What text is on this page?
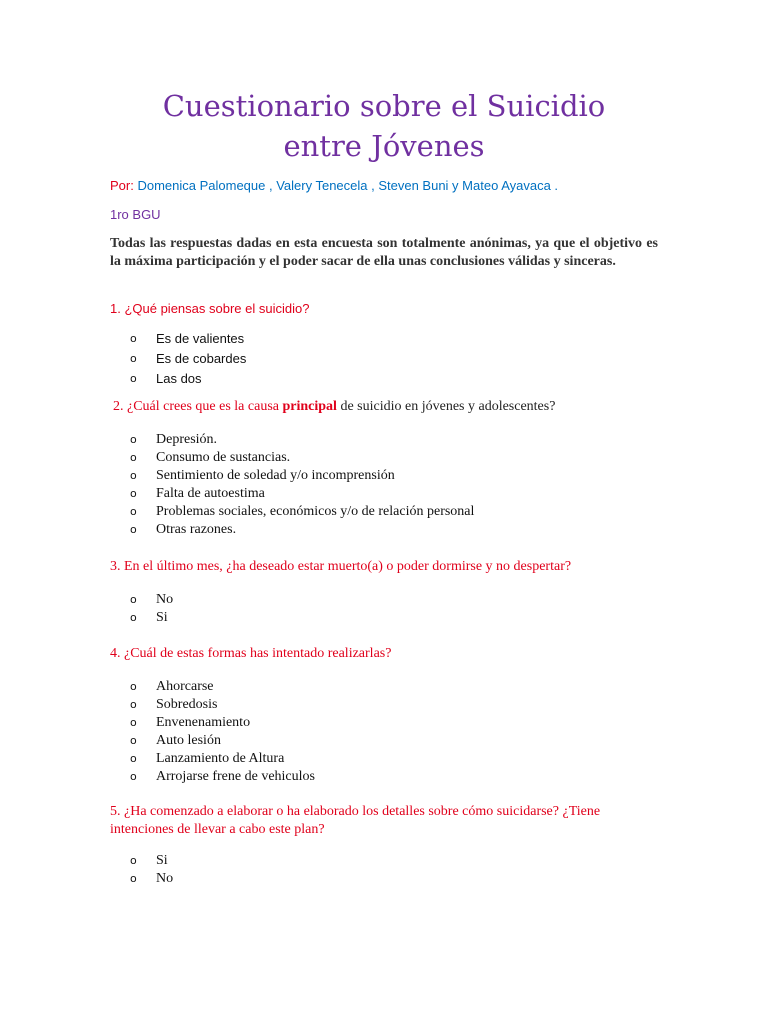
Cuestionario sobre el Suicidio
entre Jóvenes
Por: Domenica Palomeque , Valery Tenecela , Steven Buni y Mateo Ayavaca .
1ro BGU
Todas las respuestas dadas en esta encuesta son totalmente anónimas, ya que el objetivo es la máxima participación y el poder sacar de ella unas conclusiones válidas y sinceras.
1. ¿Qué piensas sobre el suicidio?
o Es de valientes
o Es de cobardes
o Las dos
2. ¿Cuál crees que es la causa principal de suicidio en jóvenes y adolescentes?
o Depresión.
o Consumo de sustancias.
o Sentimiento de soledad y/o incomprensión
o Falta de autoestima
o Problemas sociales, económicos y/o de relación personal
o Otras razones.
3. En el último mes, ¿ha deseado estar muerto(a) o poder dormirse y no despertar?
o No
o Si
4. ¿Cuál de estas formas has intentado realizarlas?
o Ahorcarse
o Sobredosis
o Envenenamiento
o Auto lesión
o Lanzamiento de Altura
o Arrojarse frene de vehiculos
5. ¿Ha comenzado a elaborar o ha elaborado los detalles sobre cómo suicidarse? ¿Tiene intenciones de llevar a cabo este plan?
o Si
o No
